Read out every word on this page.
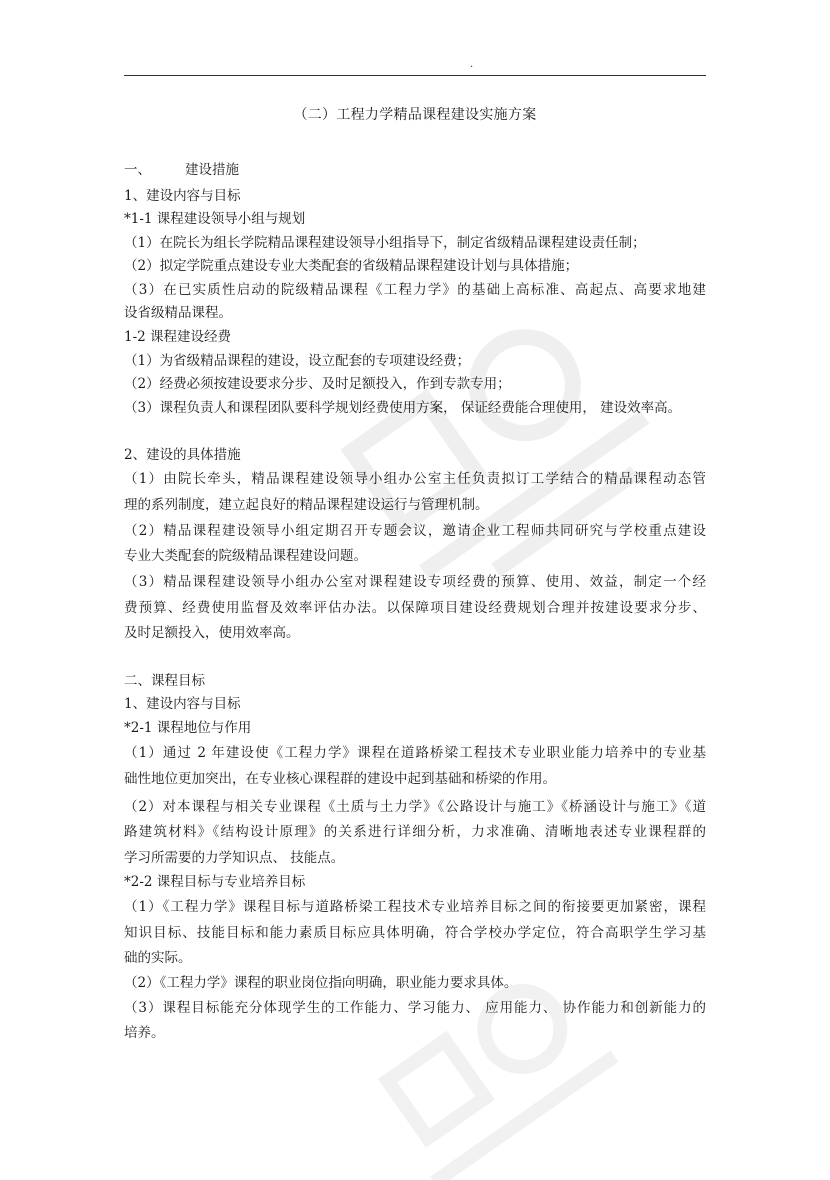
.
（二）工程力学精品课程建设实施方案
一、	建设措施
1、建设内容与目标
*1-1 课程建设领导小组与规划
（1）在院长为组长学院精品课程建设领导小组指导下，制定省级精品课程建设责任制；
（2）拟定学院重点建设专业大类配套的省级精品课程建设计划与具体措施；
（3）在已实质性启动的院级精品课程《工程力学》的基础上高标准、高起点、高要求地建
设省级精品课程。
1-2 课程建设经费
（1）为省级精品课程的建设，设立配套的专项建设经费；
（2）经费必须按建设要求分步、及时足额投入，作到专款专用；
（3）课程负责人和课程团队要科学规划经费使用方案， 保证经费能合理使用， 建设效率高。
2、建设的具体措施
（1）由院长牵头，精品课程建设领导小组办公室主任负责拟订工学结合的精品课程动态管
理的系列制度，建立起良好的精品课程建设运行与管理机制。
（2）精品课程建设领导小组定期召开专题会议，邀请企业工程师共同研究与学校重点建设
专业大类配套的院级精品课程建设问题。
（3）精品课程建设领导小组办公室对课程建设专项经费的预算、使用、效益，制定一个经
费预算、经费使用监督及效率评估办法。以保障项目建设经费规划合理并按建设要求分步、
及时足额投入，使用效率高。
二、课程目标
1、建设内容与目标
*2-1 课程地位与作用
（1）通过 2 年建设使《工程力学》课程在道路桥梁工程技术专业职业能力培养中的专业基
础性地位更加突出，在专业核心课程群的建设中起到基础和桥梁的作用。
（2）对本课程与相关专业课程《土质与土力学》《公路设计与施工》《桥涵设计与施工》《道
路建筑材料》《结构设计原理》的关系进行详细分析，力求准确、清晰地表述专业课程群的
学习所需要的力学知识点、 技能点。
*2-2 课程目标与专业培养目标
（1）《工程力学》课程目标与道路桥梁工程技术专业培养目标之间的衔接要更加紧密，课程
知识目标、技能目标和能力素质目标应具体明确，符合学校办学定位，符合高职学生学习基
础的实际。
（2）《工程力学》课程的职业岗位指向明确，职业能力要求具体。
（3）课程目标能充分体现学生的工作能力、学习能力、 应用能力、 协作能力和创新能力的
培养。
